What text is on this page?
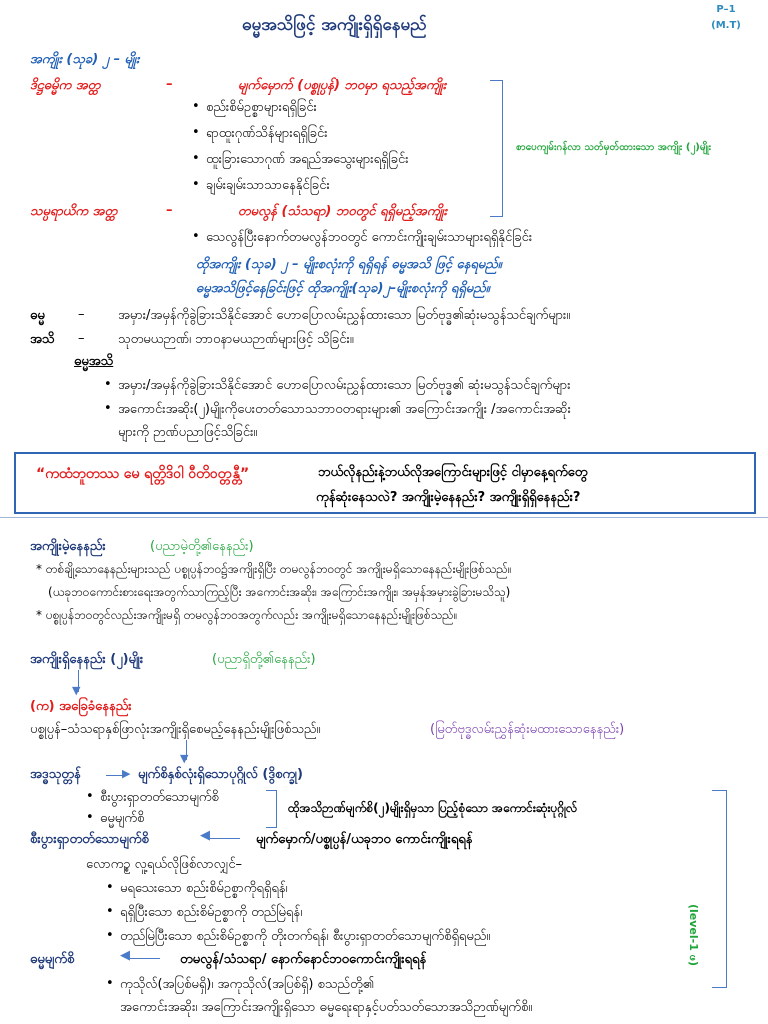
ဓမ္မအသိဖြင့် အကျိုးရှိရှိနေမည်
P–1
(M.T)
အကျိုး (သုခ) ၂ – မျိုး
ဒိဋ္ဌဓမ္မိက အတ္ထ	–	မျက်မှောက် (ပစ္စုပ္ပန်) ဘဝမှာ ရသည့်အကျိုး
• စည်းစိမ်ဥစ္စာများရရှိခြင်း
• ရာထူးဂုဏ်သိန်များရရှိခြင်း
• ထူးခြားသောဂုဏ် အရည်အသွေးများရရှိခြင်း
• ချမ်းချမ်းသာသာနေနိုင်ခြင်း
သမ္ပရာယိက အတ္ထ	–	တမလွန် (သံသရာ) ဘဝတွင် ရရှိမည့်အကျိုး
စာပေကျမ်းဂန်လာ သတ်မှတ်ထားသော အကျိုး (၂)မျိုး
• သေလွန်ပြီးနောက်တမလွန်ဘဝတွင် ကောင်းကျိုးချမ်းသာများရရှိနိုင်ခြင်း
ထိုအကျိုး (သုခ) ၂ – မျိုးစလုံးကို ရရှိရန် ဓမ္မအသိ ဖြင့် နေရမည်။
ဓမ္မအသိဖြင့်နေခြင်းဖြင့် ထိုအကျိုး(သုခ)၂–မျိုးစလုံးကို ရရှိမည်။
ဓမ္မ	–	အမှား/အမှန်ကိုခွဲခြားသိနိုင်အောင် ဟောပြောလမ်းညွှန်ထားသော မြတ်ဗုဒ္ဓ၏ဆုံးမသွန်သင်ချက်များ။
အသိ –	သုတမယဉာဏ်၊ ဘာဝနာမယဉာဏ်များဖြင့် သိခြင်း။
ဓမ္မအသိ
• အမှား/အမှန်ကိုခွဲခြားသိနိုင်အောင် ဟောပြောလမ်းညွှန်ထားသော မြတ်ဗုဒ္ဓ၏ ဆုံးမသွန်သင်ချက်များ
• အကောင်းအဆိုး(၂)မျိုးကိုပေးတတ်သောသဘာဝတရားများ၏ အကြောင်းအကျိုး /အကောင်းအဆိုး
များကို ဉာဏ်ပညာဖြင့်သိခြင်း။
“ကထံဘူတဿ မေ ရတ္တိဒိဝါ ဝီတိဝတ္တန္တီ”	ဘယ်လိုနည်းနဲ့ဘယ်လိုအကြောင်းများဖြင့် ငါမှာနေ့ရက်တွေ
ကုန်ဆုံးနေသလဲ? အကျိုးမဲ့နေနည်း? အကျိုးရှိရှိနေနည်း?
အကျိုးမဲ့နေနည်း	(ပညာမဲ့တို့၏နေနည်း)
* တစ်ချို့သောနေနည်းများသည် ပစ္စုပ္ပန်ဘဝ၌အကျိုးရှိပြီး တမလွန်ဘဝတွင် အကျိုးမရှိသောနေနည်းမျိုးဖြစ်သည်။
(ယခုဘဝကောင်းစားရေးအတွက်သာကြည့်ပြီး အကောင်းအဆိုး၊ အကြောင်းအကျိုး၊ အမှန်အမှားခွဲခြားမသိသူ)
* ပစ္စုပ္ပန်ဘဝတွင်လည်းအကျိုးမရှိ တမလွန်ဘဝအတွက်လည်း အကျိုးမရှိသောနေနည်းမျိုးဖြစ်သည်။
အကျိုးရှိနေနည်း (၂)မျိုး	(ပညာရှိတို့၏နေနည်း)
▼
(က) အခြေခံနေနည်း
ပစ္စုပ္ပန်–သံသရာနှစ်ဖြာလုံးအကျိုးရှိစေမည့်နေနည်းမျိုးဖြစ်သည်။	(မြတ်ဗုဒ္ဓလမ်းညွှန်ဆုံးမထားသောနေနည်း)
▼
အဒ္ဓသုတ္တန်	▶ မျက်စိနှစ်လုံးရှိသောပုဂ္ဂိုလ် (ဒွိစက္ခု)
• စီးပွားရှာတတ်သောမျက်စိ
• ဓမ္မမျက်စိ
ထိုအသိဉာဏ်မျက်စိ(၂)မျိုးရှိမှသာ ပြည့်စုံသော အကောင်းဆုံးပုဂ္ဂိုလ်
စီးပွားရှာတတ်သောမျက်စိ	◀	မျက်မှောက်/ပစ္စုပ္ပန်/ယခုဘဝ ကောင်းကျိုးရရန်
လောကဥ္စ လူ့ရယ်လိုဖြစ်လာလျှင်–
• မရသေးသော စည်းစိမ်ဥစ္စာကိုရရှိရန်၊
• ရရှိပြီးသော စည်းစိမ်ဥစ္စာကို တည်မြဲရန်၊
• တည်မြဲပြီးသော စည်းစိမ်ဥစ္စာကို တိုးတက်ရန်၊ စီးပွားရှာတတ်သောမျက်စိရှိရမည်။
ဓမ္မမျက်စိ	◀	တမလွန်/သံသရာ/ နောက်နောင်ဘဝကောင်းကျိုးရရန်
• ကုသိုလ်(အပြစ်မရှိ)၊ အကုသိုလ်(အပြစ်ရှိ) စသည်တို့၏
အကောင်းအဆိုး၊ အကြောင်းအကျိုးရှိသော ဓမ္မရေးရာနှင့်ပတ်သတ်သောအသိဉာဏ်မျက်စိ။
(level-1 ဖ)
